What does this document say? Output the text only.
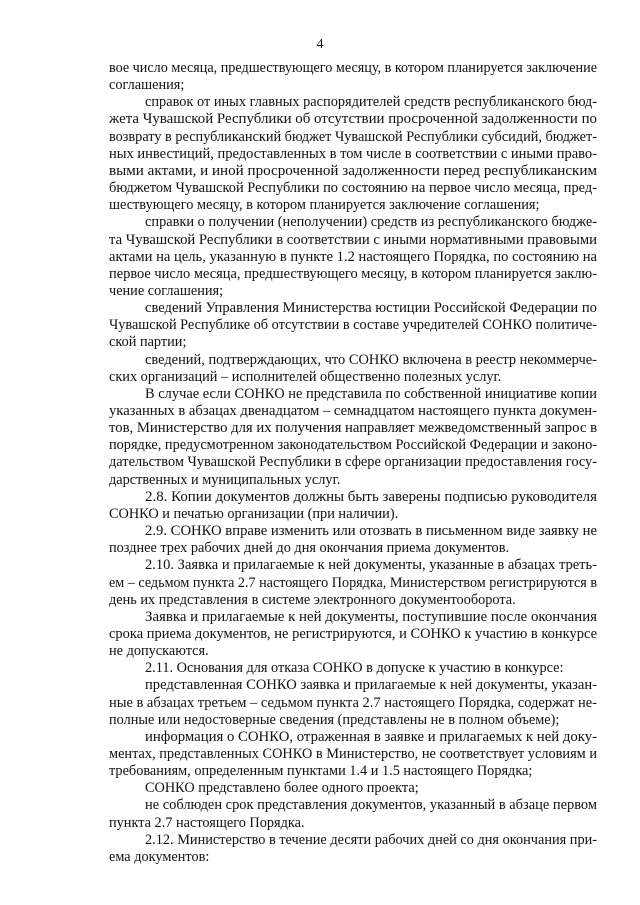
4
вое число месяца, предшествующего месяцу, в котором планируется заключение
соглашения;
справок от иных главных распорядителей средств республиканского бюд-
жета Чувашской Республики об отсутствии просроченной задолженности по
возврату в республиканский бюджет Чувашской Республики субсидий, бюджет-
ных инвестиций, предоставленных в том числе в соответствии с иными право-
выми актами, и иной просроченной задолженности перед республиканским
бюджетом Чувашской Республики по состоянию на первое число месяца, пред-
шествующего месяцу, в котором планируется заключение соглашения;
справки о получении (неполучении) средств из республиканского бюдже-
та Чувашской Республики в соответствии с иными нормативными правовыми
актами на цель, указанную в пункте 1.2 настоящего Порядка, по состоянию на
первое число месяца, предшествующего месяцу, в котором планируется заклю-
чение соглашения;
сведений Управления Министерства юстиции Российской Федерации по
Чувашской Республике об отсутствии в составе учредителей СОНКО политиче-
ской партии;
сведений, подтверждающих, что СОНКО включена в реестр некоммерче-
ских организаций – исполнителей общественно полезных услуг.
В случае если СОНКО не представила по собственной инициативе копии
указанных в абзацах двенадцатом – семнадцатом настоящего пункта докумен-
тов, Министерство для их получения направляет межведомственный запрос в
порядке, предусмотренном законодательством Российской Федерации и законо-
дательством Чувашской Республики в сфере организации предоставления госу-
дарственных и муниципальных услуг.
2.8. Копии документов должны быть заверены подписью руководителя
СОНКО и печатью организации (при наличии).
2.9. СОНКО вправе изменить или отозвать в письменном виде заявку не
позднее трех рабочих дней до дня окончания приема документов.
2.10. Заявка и прилагаемые к ней документы, указанные в абзацах треть-
ем – седьмом пункта 2.7 настоящего Порядка, Министерством регистрируются в
день их представления в системе электронного документооборота.
Заявка и прилагаемые к ней документы, поступившие после окончания
срока приема документов, не регистрируются, и СОНКО к участию в конкурсе
не допускаются.
2.11. Основания для отказа СОНКО в допуске к участию в конкурсе:
представленная СОНКО заявка и прилагаемые к ней документы, указан-
ные в абзацах третьем – седьмом пункта 2.7 настоящего Порядка, содержат не-
полные или недостоверные сведения (представлены не в полном объеме);
информация о СОНКО, отраженная в заявке и прилагаемых к ней доку-
ментах, представленных СОНКО в Министерство, не соответствует условиям и
требованиям, определенным пунктами 1.4 и 1.5 настоящего Порядка;
СОНКО представлено более одного проекта;
не соблюден срок представления документов, указанный в абзаце первом
пункта 2.7 настоящего Порядка.
2.12. Министерство в течение десяти рабочих дней со дня окончания при-
ема документов:
